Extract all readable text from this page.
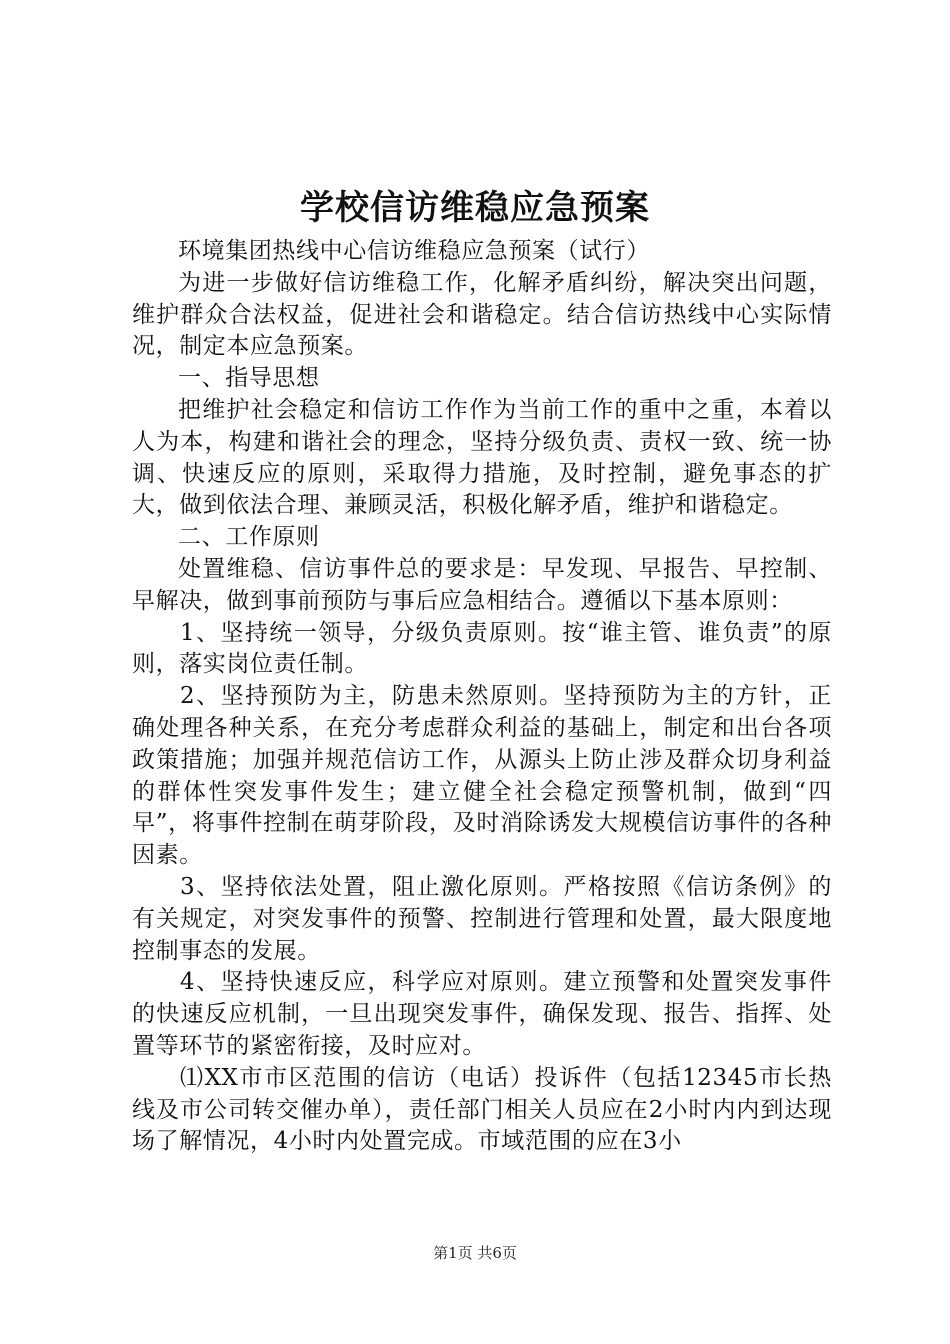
学校信访维稳应急预案

环境集团热线中心信访维稳应急预案（试行）

为进一步做好信访维稳工作，化解矛盾纠纷，解决突出问题，维护群众合法权益，促进社会和谐稳定。结合信访热线中心实际情况，制定本应急预案。

一、指导思想

把维护社会稳定和信访工作作为当前工作的重中之重，本着以人为本，构建和谐社会的理念，坚持分级负责、责权一致、统一协调、快速反应的原则，采取得力措施，及时控制，避免事态的扩大，做到依法合理、兼顾灵活，积极化解矛盾，维护和谐稳定。

二、工作原则

处置维稳、信访事件总的要求是：早发现、早报告、早控制、早解决，做到事前预防与事后应急相结合。遵循以下基本原则：

1、坚持统一领导，分级负责原则。按“谁主管、谁负责”的原则，落实岗位责任制。

2、坚持预防为主，防患未然原则。坚持预防为主的方针，正确处理各种关系，在充分考虑群众利益的基础上，制定和出台各项政策措施；加强并规范信访工作，从源头上防止涉及群众切身利益的群体性突发事件发生；建立健全社会稳定预警机制，做到“四早”，将事件控制在萌芽阶段，及时消除诱发大规模信访事件的各种因素。

3、坚持依法处置，阻止激化原则。严格按照《信访条例》的有关规定，对突发事件的预警、控制进行管理和处置，最大限度地控制事态的发展。

4、坚持快速反应，科学应对原则。建立预警和处置突发事件的快速反应机制，一旦出现突发事件，确保发现、报告、指挥、处置等环节的紧密衔接，及时应对。

⑴XX市市区范围的信访（电话）投诉件（包括12345市长热线及市公司转交催办单），责任部门相关人员应在2小时内内到达现场了解情况，4小时内处置完成。市域范围的应在3小

第1页 共6页
